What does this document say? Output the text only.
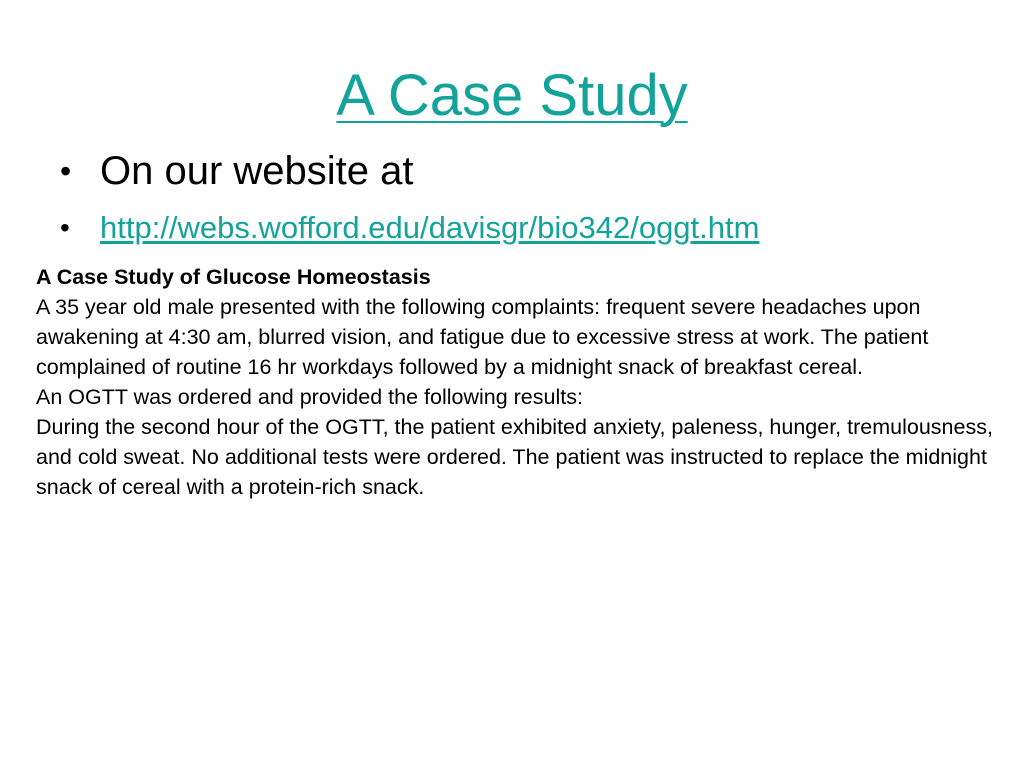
A Case Study
• On our website at
• http://webs.wofford.edu/davisgr/bio342/oggt.htm

A Case Study of Glucose Homeostasis

A 35 year old male presented with the following complaints: frequent severe headaches upon awakening at 4:30 am, blurred vision, and fatigue due to excessive stress at work. The patient complained of routine 16 hr workdays followed by a midnight snack of breakfast cereal.

An OGTT was ordered and provided the following results:

During the second hour of the OGTT, the patient exhibited anxiety, paleness, hunger, tremulousness, and cold sweat. No additional tests were ordered. The patient was instructed to replace the midnight snack of cereal with a protein-rich snack.
